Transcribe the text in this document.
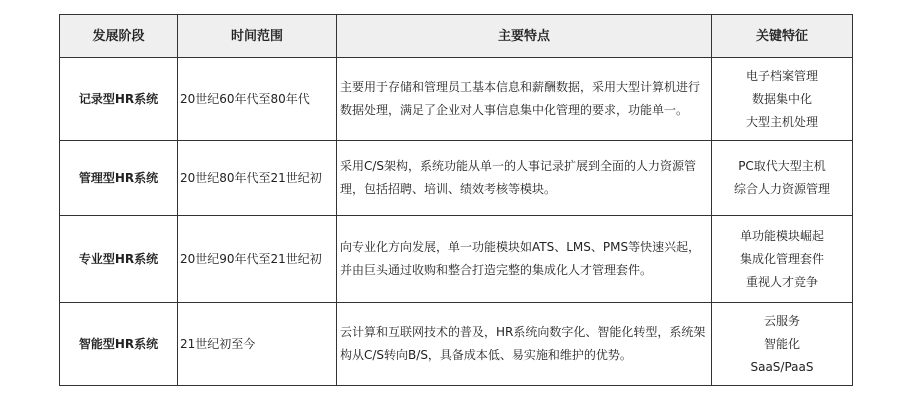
发展阶段	时间范围	主要特点	关键特征
记录型HR系统	20世纪60年代至80年代	主要用于存储和管理员工基本信息和薪酬数据，采用大型计算机进行数据处理，满足了企业对人事信息集中化管理的要求，功能单一。	电子档案管理
数据集中化
大型主机处理

管理型HR系统	20世纪80年代至21世纪初	采用C/S架构，系统功能从单一的人事记录扩展到全面的人力资源管理，包括招聘、培训、绩效考核等模块。	PC取代大型主机
综合人力资源管理

专业型HR系统	20世纪90年代至21世纪初	向专业化方向发展，单一功能模块如ATS、LMS、PMS等快速兴起，并由巨头通过收购和整合打造完整的集成化人才管理套件。	单功能模块崛起
集成化管理套件
重视人才竞争

智能型HR系统	21世纪初至今	云计算和互联网技术的普及，HR系统向数字化、智能化转型，系统架构从C/S转向B/S，具备成本低、易实施和维护的优势。	云服务
智能化
SaaS/PaaS
